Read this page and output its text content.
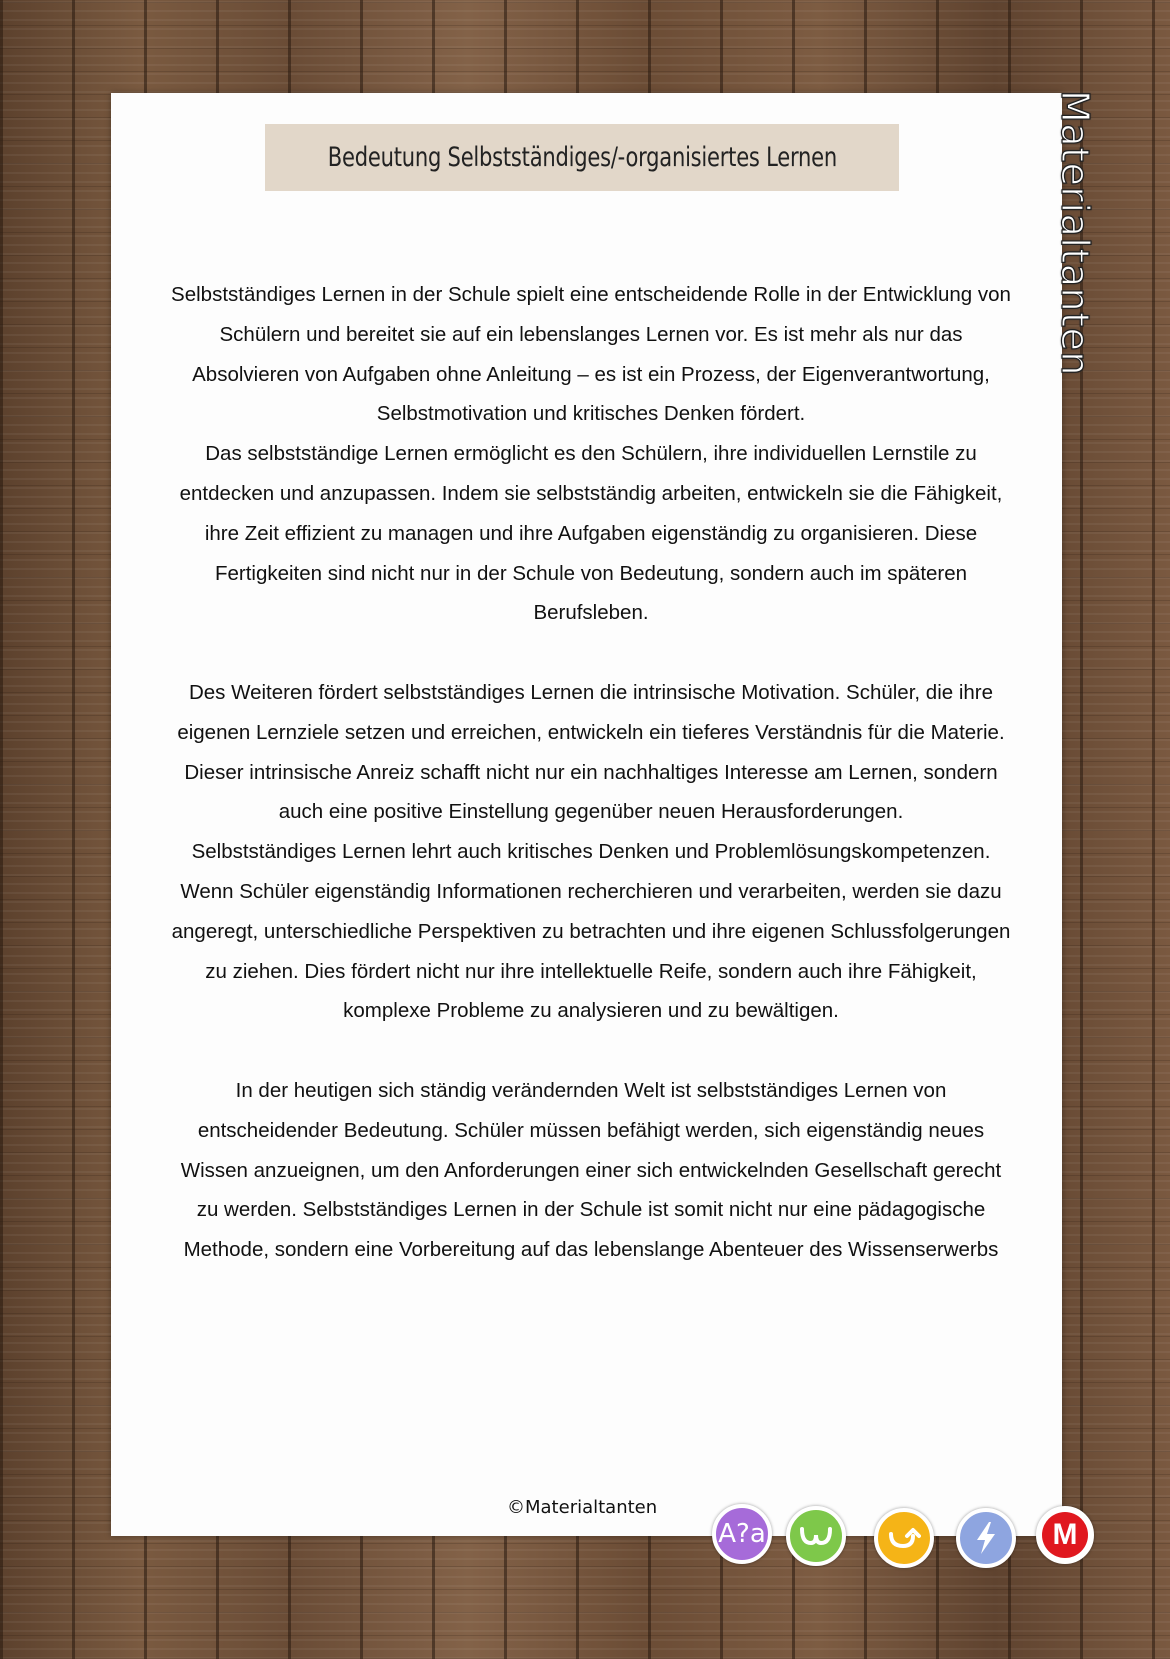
Bedeutung Selbstständiges/-organisiertes Lernen

Selbstständiges Lernen in der Schule spielt eine entscheidende Rolle in der Entwicklung von Schülern und bereitet sie auf ein lebenslanges Lernen vor. Es ist mehr als nur das Absolvieren von Aufgaben ohne Anleitung – es ist ein Prozess, der Eigenverantwortung, Selbstmotivation und kritisches Denken fördert.

Das selbstständige Lernen ermöglicht es den Schülern, ihre individuellen Lernstile zu entdecken und anzupassen. Indem sie selbstständig arbeiten, entwickeln sie die Fähigkeit, ihre Zeit effizient zu managen und ihre Aufgaben eigenständig zu organisieren. Diese Fertigkeiten sind nicht nur in der Schule von Bedeutung, sondern auch im späteren Berufsleben.

Des Weiteren fördert selbstständiges Lernen die intrinsische Motivation. Schüler, die ihre eigenen Lernziele setzen und erreichen, entwickeln ein tieferes Verständnis für die Materie. Dieser intrinsische Anreiz schafft nicht nur ein nachhaltiges Interesse am Lernen, sondern auch eine positive Einstellung gegenüber neuen Herausforderungen.

Selbstständiges Lernen lehrt auch kritisches Denken und Problemlösungskompetenzen. Wenn Schüler eigenständig Informationen recherchieren und verarbeiten, werden sie dazu angeregt, unterschiedliche Perspektiven zu betrachten und ihre eigenen Schlussfolgerungen zu ziehen. Dies fördert nicht nur ihre intellektuelle Reife, sondern auch ihre Fähigkeit, komplexe Probleme zu analysieren und zu bewältigen.

In der heutigen sich ständig verändernden Welt ist selbstständiges Lernen von entscheidender Bedeutung. Schüler müssen befähigt werden, sich eigenständig neues Wissen anzueignen, um den Anforderungen einer sich entwickelnden Gesellschaft gerecht zu werden. Selbstständiges Lernen in der Schule ist somit nicht nur eine pädagogische Methode, sondern eine Vorbereitung auf das lebenslange Abenteuer des Wissenserwerbs

©Materialtanten
Materialtanten
A?a	M
